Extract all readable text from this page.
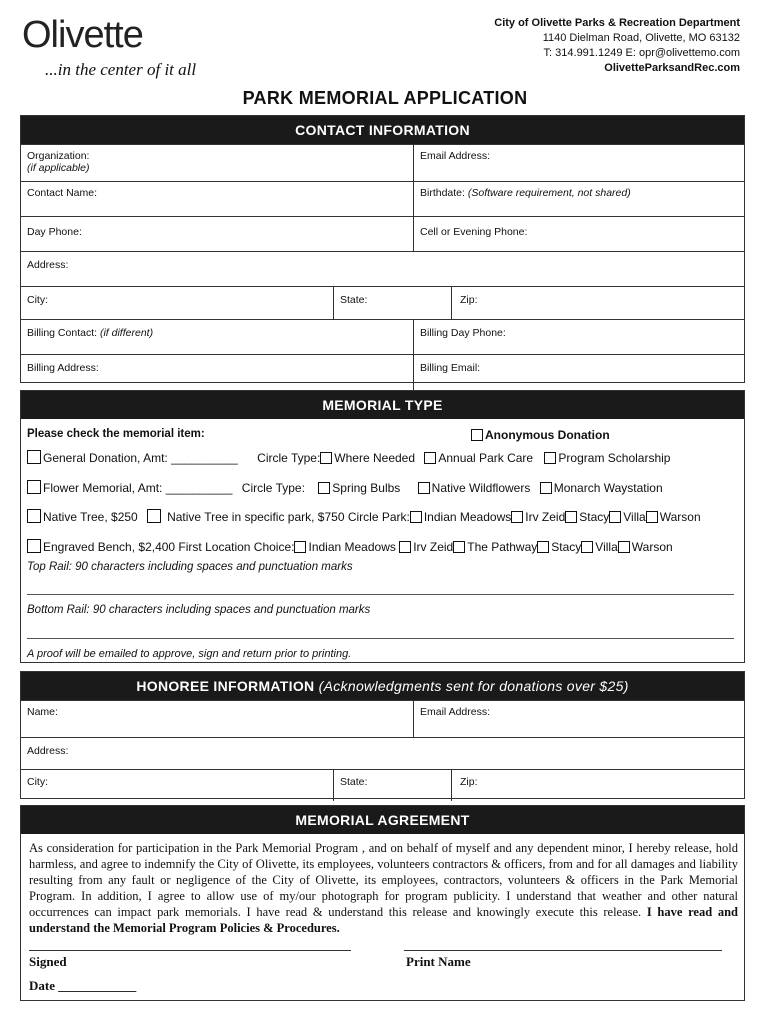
Olivette
...in the center of it all
City of Olivette Parks & Recreation Department
1140 Dielman Road, Olivette, MO 63132
T: 314.991.1249 E: opr@olivettemo.com
OlivetteParksandRec.com
PARK MEMORIAL APPLICATION
CONTACT INFORMATION
Organization:
(if applicable)
Email Address:
Contact Name:	Birthdate: (Software requirement, not shared)
Day Phone:	Cell or Evening Phone:
Address:
City:	State:	Zip:
Billing Contact: (if different)	Billing Day Phone:
Billing Address:	Billing Email:
MEMORIAL TYPE
Please check the memorial item:	Anonymous Donation
General Donation, Amt: __________ Circle Type: Where Needed Annual Park Care Program Scholarship
Flower Memorial, Amt: __________ Circle Type: Spring Bulbs	Native Wildflowers Monarch Waystation
Native Tree, $250 Native Tree in specific park, $750 Circle Park: Indian Meadows Irv Zeid Stacy Villa Warson
Engraved Bench, $2,400 First Location Choice: Indian Meadows Irv Zeid The Pathway Stacy Villa Warson
Top Rail: 90 characters including spaces and punctuation marks
Bottom Rail: 90 characters including spaces and punctuation marks
A proof will be emailed to approve, sign and return prior to printing.
HONOREE INFORMATION (Acknowledgments sent for donations over $25)
Name:	Email Address:
Address:
City:	State:	Zip:
MEMORIAL AGREEMENT
As consideration for participation in the Park Memorial Program , and on behalf of myself and any dependent minor, I hereby release, hold harmless, and agree to indemnify the City of Olivette, its employees, volunteers contractors & officers, from and for all damages and liability resulting from any fault or negligence of the City of Olivette, its employees, contractors, volunteers & officers in the Park Memorial Program. In addition, I agree to allow use of my/our photograph for program publicity. I understand that weather and other natural occurrences can impact park memorials. I have read & understand this release and knowingly execute this release. I have read and understand the Memorial Program Policies & Procedures.
Signed	Print Name
Date ____________
